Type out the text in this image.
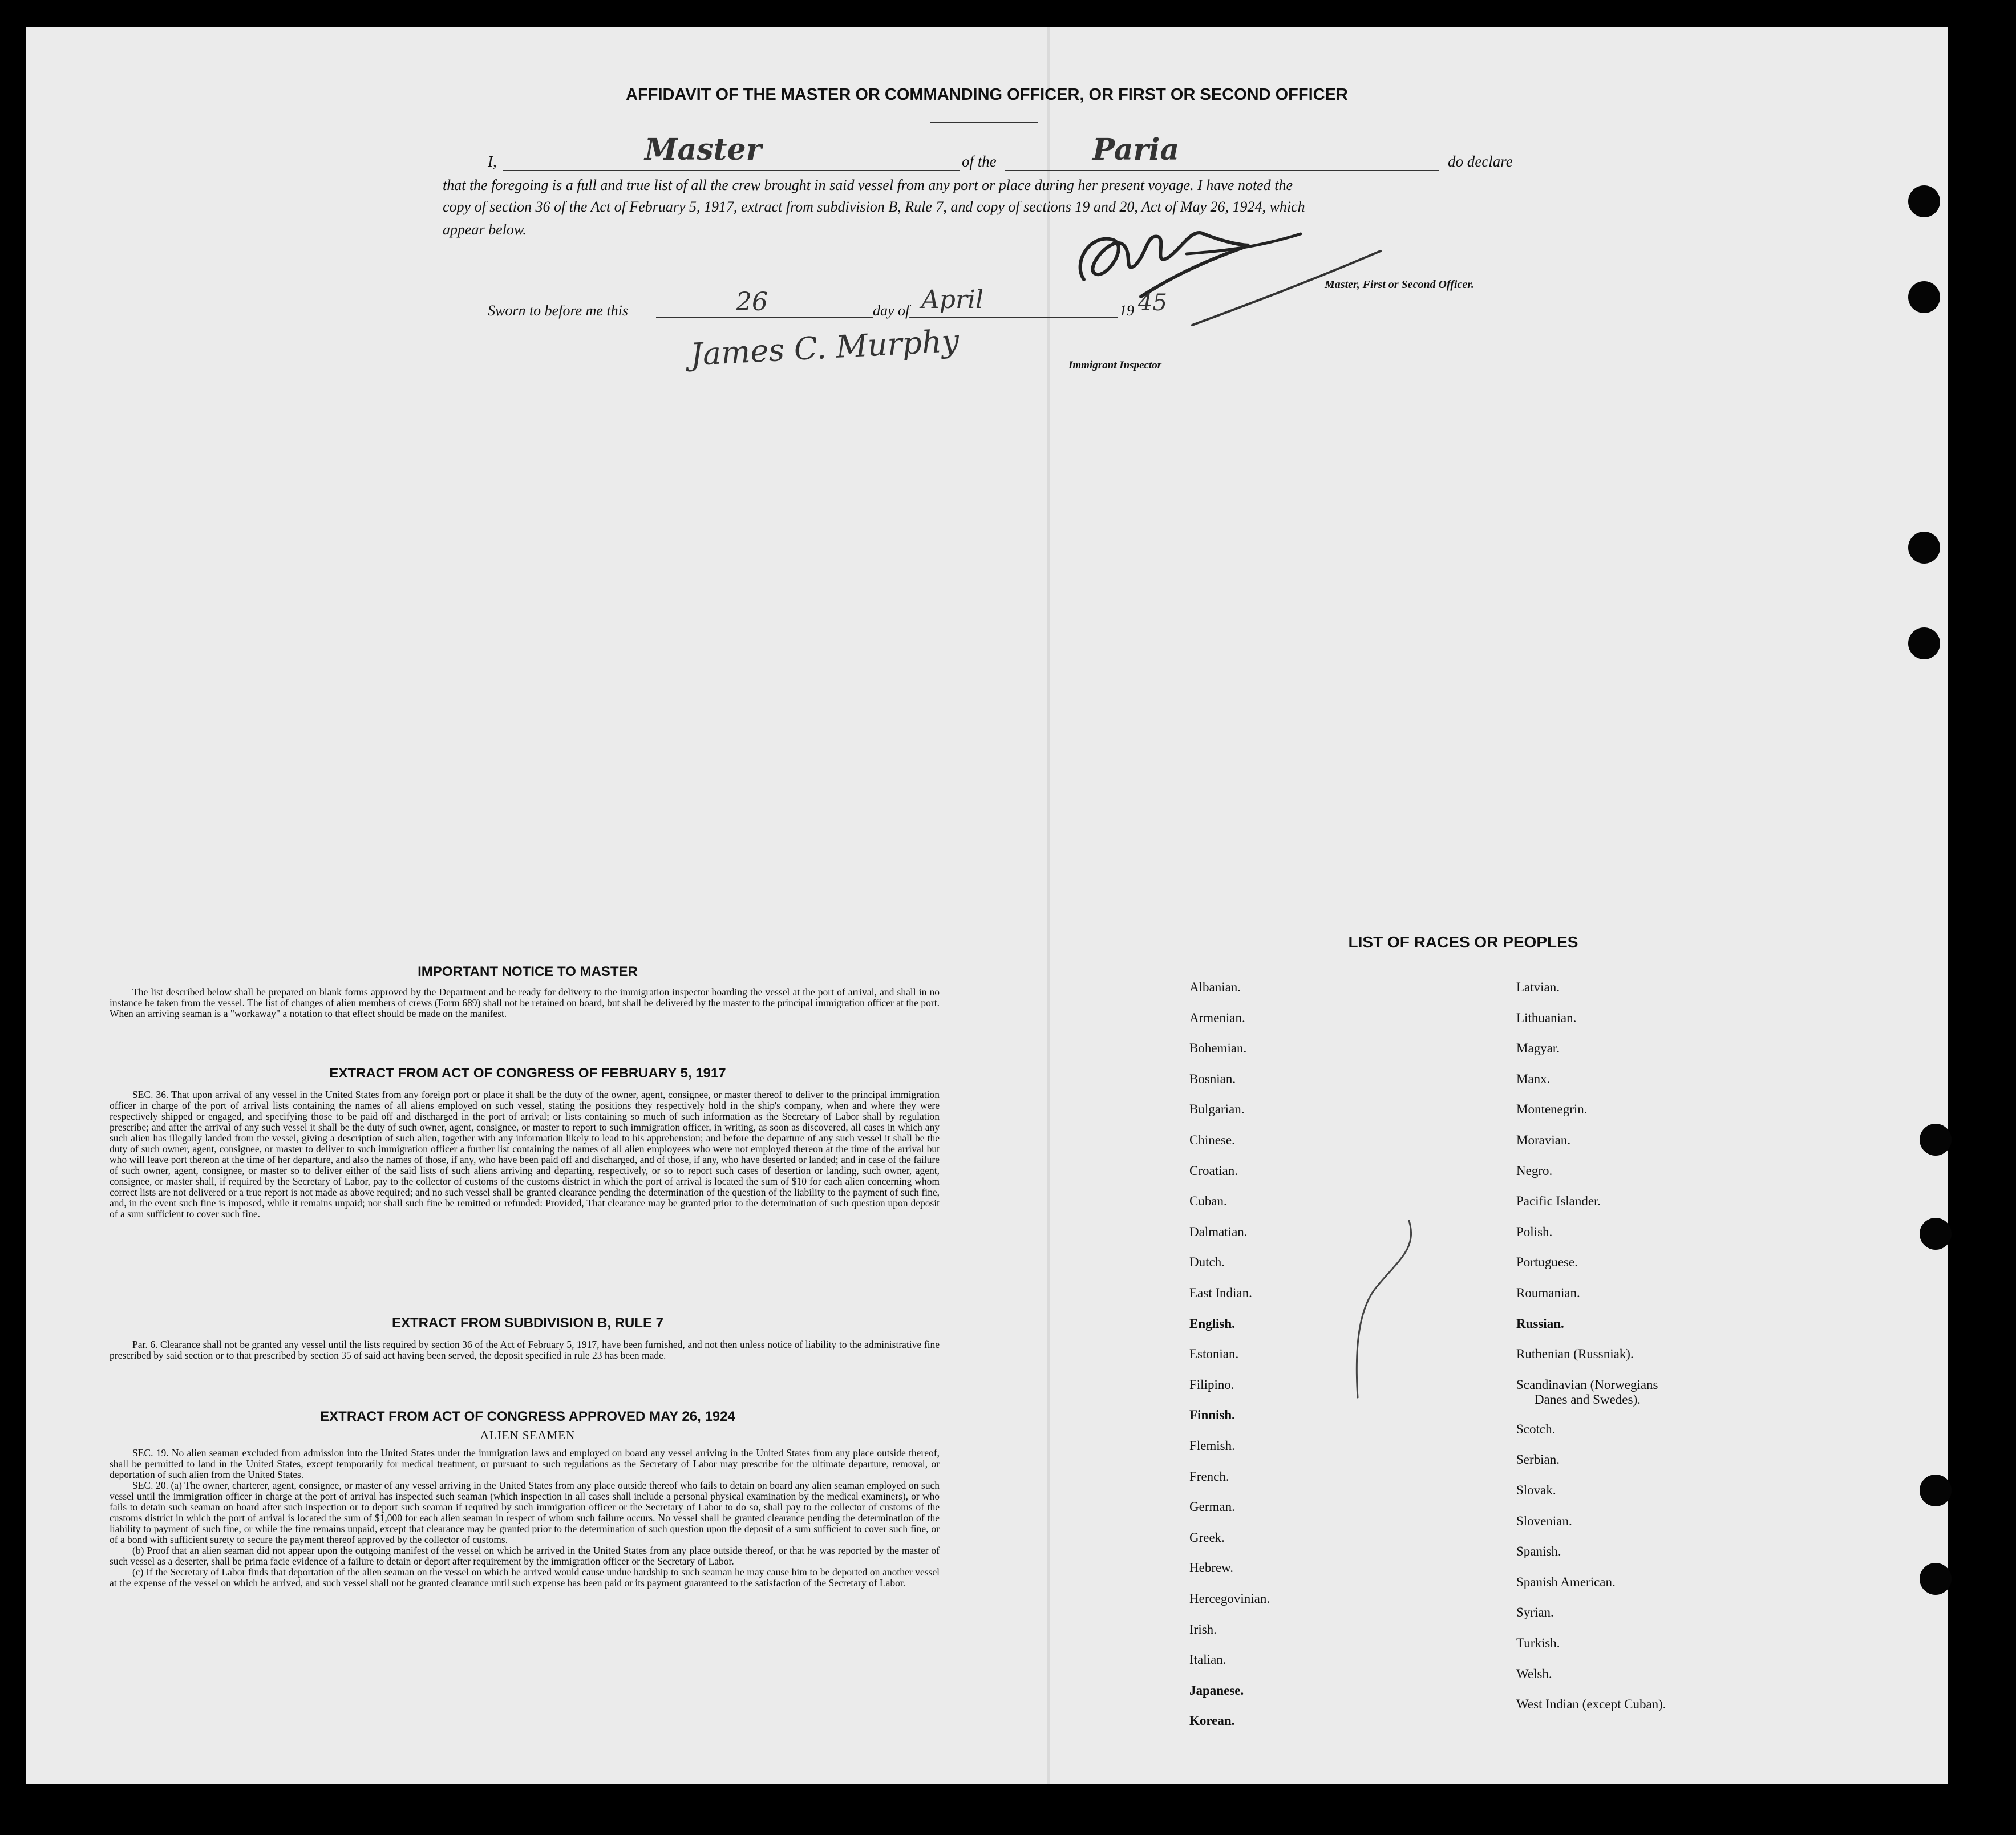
AFFIDAVIT OF THE MASTER OR COMMANDING OFFICER, OR FIRST OR SECOND OFFICER
I,	Master	of the	Paria	do declare
that the foregoing is a full and true list of all the crew brought in said vessel from any port or place during her present voyage. I have noted the
copy of section 36 of the Act of February 5, 1917, extract from subdivision B, Rule 7, and copy of sections 19 and 20, Act of May 26, 1924, which
appear below.
Master, First or Second Officer.
Sworn to before me this	26	day of April	19 45
James C. Murphy	Immigrant Inspector
IMPORTANT NOTICE TO MASTER

The list described below shall be prepared on blank forms approved by the Department and be ready for delivery to the immigration inspector boarding the vessel at the port of arrival, and shall in no instance be taken from the vessel. The list of changes of alien members of crews (Form 689) shall not be retained on board, but shall be delivered by the master to the principal immigration officer at the port. When an arriving seaman is a "workaway" a notation to that effect should be made on the manifest.

EXTRACT FROM ACT OF CONGRESS OF FEBRUARY 5, 1917

SEC. 36. That upon arrival of any vessel in the United States from any foreign port or place it shall be the duty of the owner, agent, consignee, or master thereof to deliver to the principal immigration officer in charge of the port of arrival lists containing the names of all aliens employed on such vessel, stating the positions they respectively hold in the ship's company, when and where they were respectively shipped or engaged, and specifying those to be paid off and discharged in the port of arrival; or lists containing so much of such information as the Secretary of Labor shall by regulation prescribe; and after the arrival of any such vessel it shall be the duty of such owner, agent, consignee, or master to report to such immigration officer, in writing, as soon as discovered, all cases in which any such alien has illegally landed from the vessel, giving a description of such alien, together with any information likely to lead to his apprehension; and before the departure of any such vessel it shall be the duty of such owner, agent, consignee, or master to deliver to such immigration officer a further list containing the names of all alien employees who were not employed thereon at the time of the arrival but who will leave port thereon at the time of her departure, and also the names of those, if any, who have been paid off and discharged, and of those, if any, who have deserted or landed; and in case of the failure of such owner, agent, consignee, or master so to deliver either of the said lists of such aliens arriving and departing, respectively, or so to report such cases of desertion or landing, such owner, agent, consignee, or master shall, if required by the Secretary of Labor, pay to the collector of customs of the customs district in which the port of arrival is located the sum of $10 for each alien concerning whom correct lists are not delivered or a true report is not made as above required; and no such vessel shall be granted clearance pending the determination of the question of the liability to the payment of such fine, and, in the event such fine is imposed, while it remains unpaid; nor shall such fine be remitted or refunded: Provided, That clearance may be granted prior to the determination of such question upon deposit of a sum sufficient to cover such fine.

EXTRACT FROM SUBDIVISION B, RULE 7

Par. 6. Clearance shall not be granted any vessel until the lists required by section 36 of the Act of February 5, 1917, have been furnished, and not then unless notice of liability to the administrative fine prescribed by said section or to that prescribed by section 35 of said act having been served, the deposit specified in rule 23 has been made.

EXTRACT FROM ACT OF CONGRESS APPROVED MAY 26, 1924
ALIEN SEAMEN

SEC. 19. No alien seaman excluded from admission into the United States under the immigration laws and employed on board any vessel arriving in the United States from any place outside thereof, shall be permitted to land in the United States, except temporarily for medical treatment, or pursuant to such regulations as the Secretary of Labor may prescribe for the ultimate departure, removal, or deportation of such alien from the United States.

SEC. 20. (a) The owner, charterer, agent, consignee, or master of any vessel arriving in the United States from any place outside thereof who fails to detain on board any alien seaman employed on such vessel until the immigration officer in charge at the port of arrival has inspected such seaman (which inspection in all cases shall include a personal physical examination by the medical examiners), or who fails to detain such seaman on board after such inspection or to deport such seaman if required by such immigration officer or the Secretary of Labor to do so, shall pay to the collector of customs of the customs district in which the port of arrival is located the sum of $1,000 for each alien seaman in respect of whom such failure occurs. No vessel shall be granted clearance pending the determination of the liability to payment of such fine, or while the fine remains unpaid, except that clearance may be granted prior to the determination of such question upon the deposit of a sum sufficient to cover such fine, or of a bond with sufficient surety to secure the payment thereof approved by the collector of customs.

(b) Proof that an alien seaman did not appear upon the outgoing manifest of the vessel on which he arrived in the United States from any place outside thereof, or that he was reported by the master of such vessel as a deserter, shall be prima facie evidence of a failure to detain or deport after requirement by the immigration officer or the Secretary of Labor.

(c) If the Secretary of Labor finds that deportation of the alien seaman on the vessel on which he arrived would cause undue hardship to such seaman he may cause him to be deported on another vessel at the expense of the vessel on which he arrived, and such vessel shall not be granted clearance until such expense has been paid or its payment guaranteed to the satisfaction of the Secretary of Labor.

LIST OF RACES OR PEOPLES
Albanian.
Armenian.
Bohemian.
Bosnian.
Bulgarian.
Chinese.
Croatian.
Cuban.
Dalmatian.
Dutch.
East Indian.
English.
Estonian.
Filipino.
Finnish.
Flemish.
French.
German.
Greek.
Hebrew.
Hercegovinian.
Irish.
Italian.
Japanese.
Korean.
Latvian.
Lithuanian.
Magyar.
Manx.
Montenegrin.
Moravian.
Negro.
Pacific Islander.
Polish.
Portuguese.
Roumanian.
Russian.
Ruthenian (Russniak).
Scandinavian (Norwegians
Danes and Swedes).
Scotch.
Serbian.
Slovak.
Slovenian.
Spanish.
Spanish American.
Syrian.
Turkish.
Welsh.
West Indian (except Cuban).
